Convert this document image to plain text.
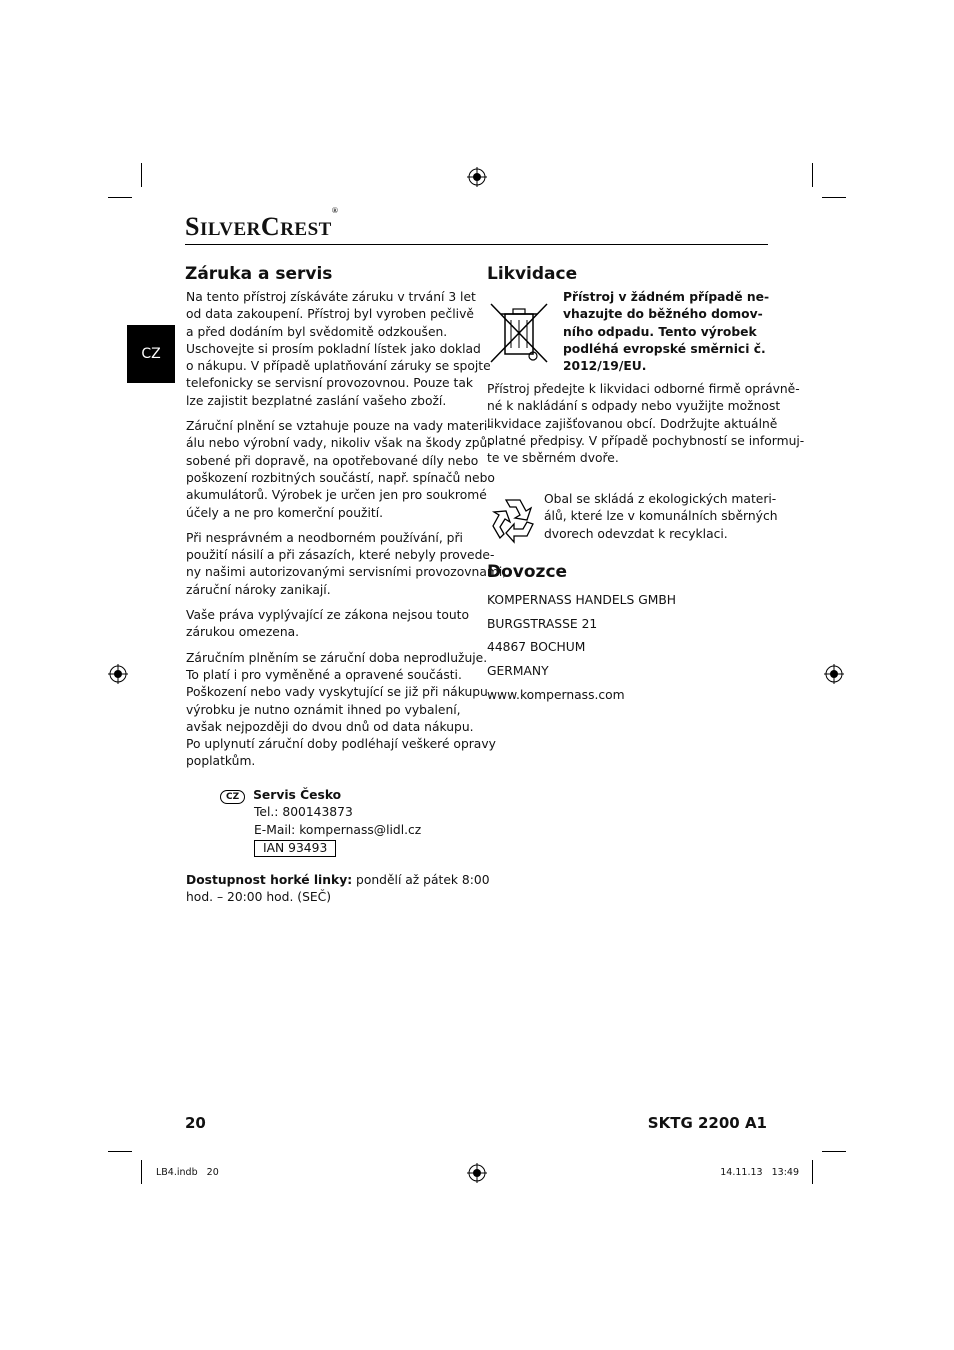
SILVERCREST®
CZ
Záruka a servis

Na tento přístroj získáváte záruku v trvání 3 let
od data zakoupení. Přístroj byl vyroben pečlivě
a před dodáním byl svědomitě odzkoušen.
Uschovejte si prosím pokladní lístek jako doklad
o nákupu. V případě uplatňování záruky se spojte
telefonicky se servisní provozovnou. Pouze tak
lze zajistit bezplatné zaslání vašeho zboží.

Záruční plnění se vztahuje pouze na vady materi-
álu nebo výrobní vady, nikoliv však na škody způ-
sobené při dopravě, na opotřebované díly nebo
poškození rozbitných součástí, např. spínačů nebo
akumulátorů. Výrobek je určen jen pro soukromé
účely a ne pro komerční použití.

Při nesprávném a neodborném používání, při
použití násilí a při zásazích, které nebyly provede-
ny našimi autorizovanými servisními provozovnami,
záruční nároky zanikají.

Vaše práva vyplývající ze zákona nejsou touto
zárukou omezena.

Záručním plněním se záruční doba neprodlužuje.
To platí i pro vyměněné a opravené součásti.
Poškození nebo vady vyskytující se již při nákupu
výrobku je nutno oznámit ihned po vybalení,
avšak nejpozději do dvou dnů od data nákupu.
Po uplynutí záruční doby podléhají veškeré opravy
poplatkům.

CZ Servis Česko
Tel.: 800143873
E-Mail: kompernass@lidl.cz
IAN 93493
Dostupnost horké linky: pondělí až pátek 8:00
hod. – 20:00 hod. (SEČ)
Likvidace
Přístroj v žádném případě ne-
vhazujte do běžného domov-
ního odpadu. Tento výrobek
podléhá evropské směrnici č.
2012/19/EU.
Přístroj předejte k likvidaci odborné firmě oprávně-
né k nakládání s odpady nebo využijte možnost
likvidace zajišťovanou obcí. Dodržujte aktuálně
platné předpisy. V případě pochybností se informuj-
te ve sběrném dvoře.
Obal se skládá z ekologických materi-
álů, které lze v komunálních sběrných
dvorech odevzdat k recyklaci.
Dovozce
KOMPERNASS HANDELS GMBH
BURGSTRASSE 21
44867 BOCHUM
GERMANY
www.kompernass.com
20	SKTG 2200 A1
LB4.indb   20	14.11.13   13:49
